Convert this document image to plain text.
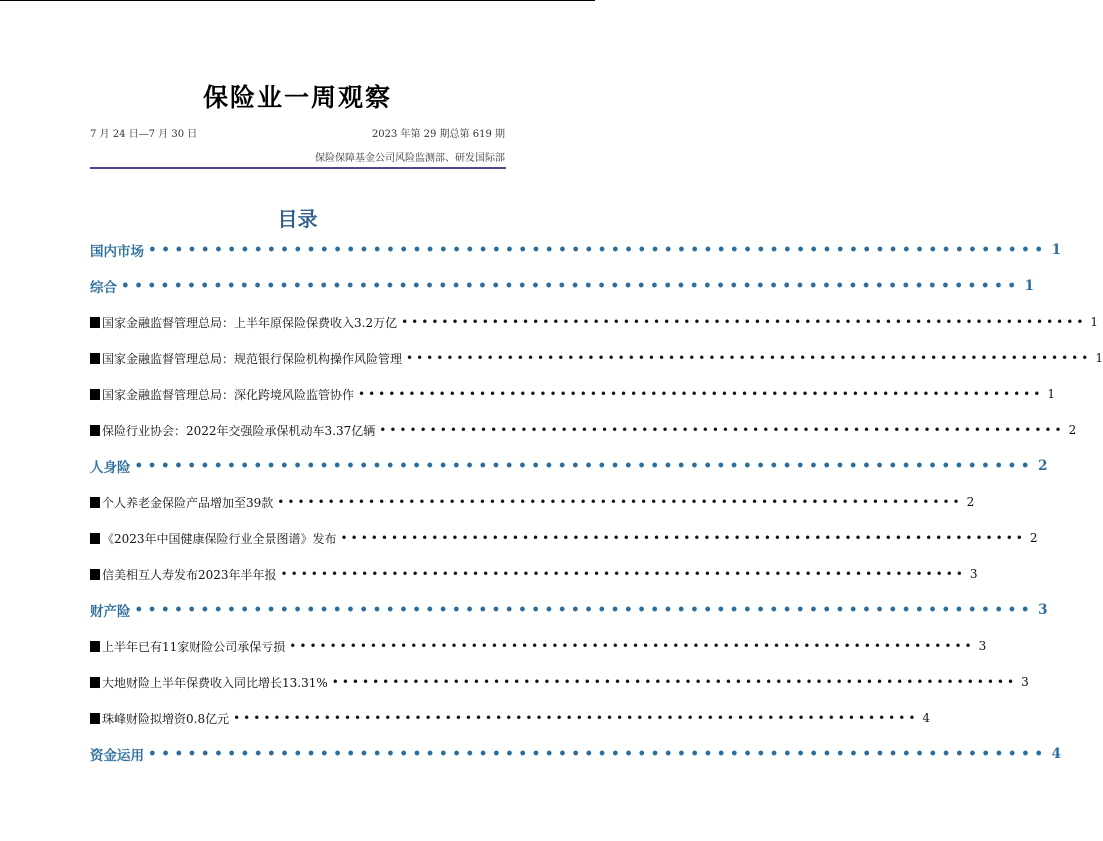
保险业一周观察
7 月 24 日—7 月 30 日	2023 年第 29 期总第 619 期
保险保障基金公司风险监测部、研发国际部
目录
国内市场 •••••••••••••••••••••••••••••••••••••••••••••••••••••••••••••••••••• 1
综合 •••••••••••••••••••••••••••••••••••••••••••••••••••••••••••••••••••• 1
国家金融监督管理总局：上半年原保险保费收入3.2万亿 •••••••••••••••••••••••••••••••••••••••••••••••••••••••••••••••••••• 1
国家金融监督管理总局：规范银行保险机构操作风险管理 •••••••••••••••••••••••••••••••••••••••••••••••••••••••••••••••••••• 1
国家金融监督管理总局：深化跨境风险监管协作 •••••••••••••••••••••••••••••••••••••••••••••••••••••••••••••••••••• 1
保险行业协会：2022年交强险承保机动车3.37亿辆 •••••••••••••••••••••••••••••••••••••••••••••••••••••••••••••••••••• 2
人身险 •••••••••••••••••••••••••••••••••••••••••••••••••••••••••••••••••••• 2
个人养老金保险产品增加至39款 •••••••••••••••••••••••••••••••••••••••••••••••••••••••••••••••••••• 2
《2023年中国健康保险行业全景图谱》发布 •••••••••••••••••••••••••••••••••••••••••••••••••••••••••••••••••••• 2
信美相互人寿发布2023年半年报 •••••••••••••••••••••••••••••••••••••••••••••••••••••••••••••••••••• 3
财产险 •••••••••••••••••••••••••••••••••••••••••••••••••••••••••••••••••••• 3
上半年已有11家财险公司承保亏损 •••••••••••••••••••••••••••••••••••••••••••••••••••••••••••••••••••• 3
大地财险上半年保费收入同比增长13.31% •••••••••••••••••••••••••••••••••••••••••••••••••••••••••••••••••••• 3
珠峰财险拟增资0.8亿元 •••••••••••••••••••••••••••••••••••••••••••••••••••••••••••••••••••• 4
资金运用 •••••••••••••••••••••••••••••••••••••••••••••••••••••••••••••••••••• 4
